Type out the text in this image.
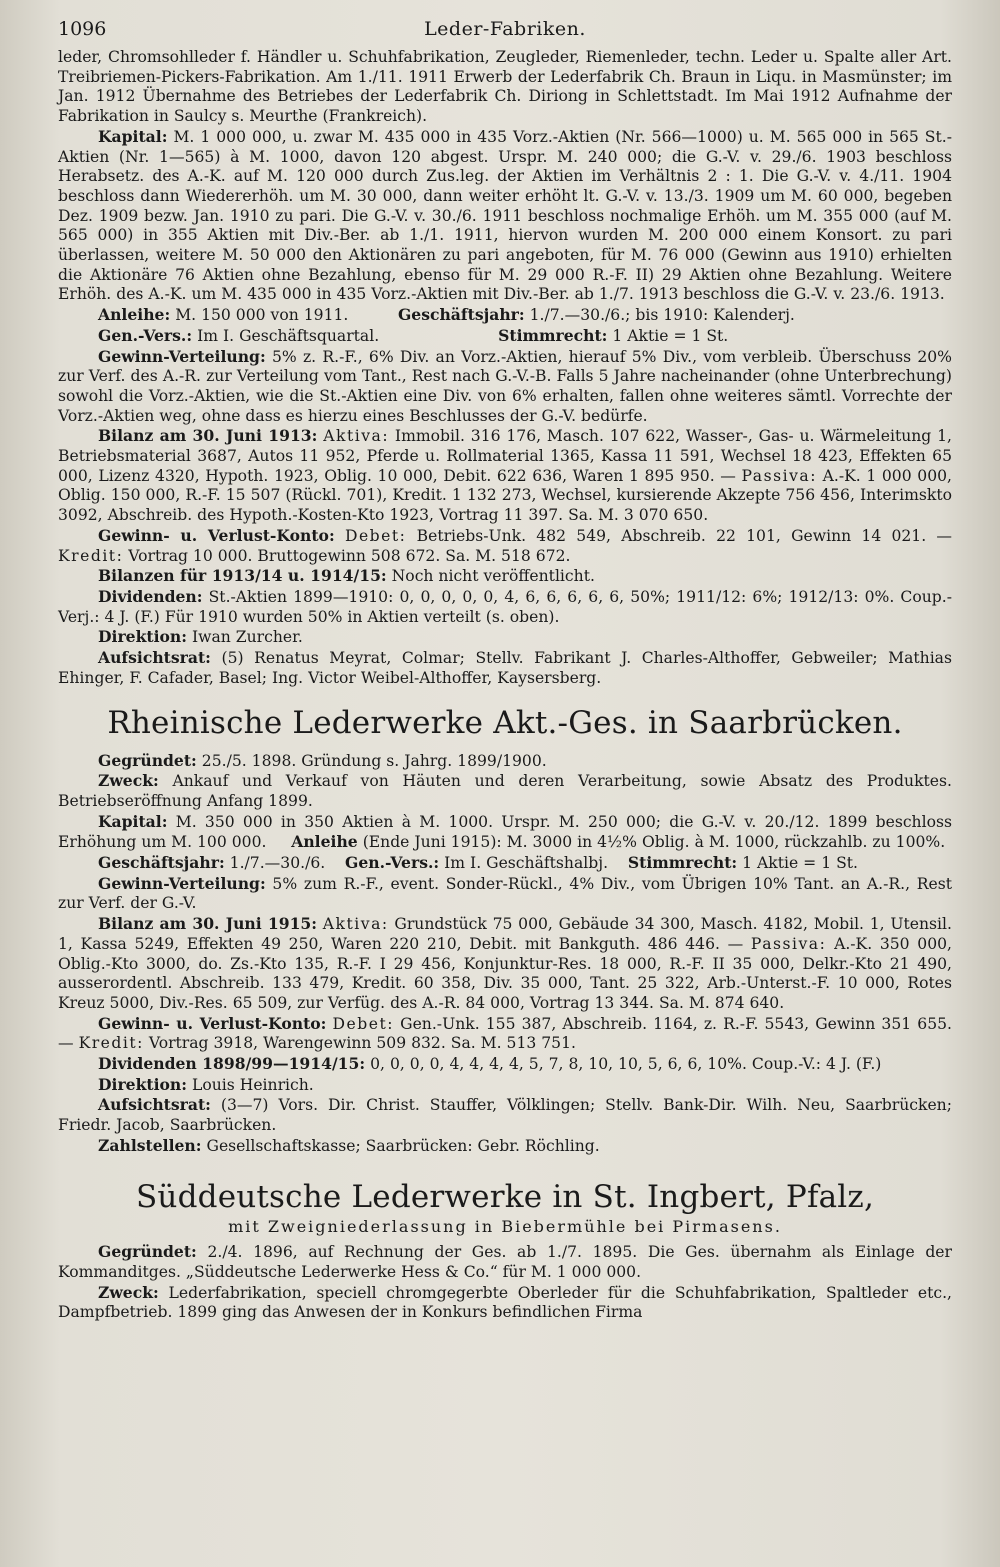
1096	Leder-Fabriken.

leder, Chromsohlleder f. Händler u. Schuhfabrikation, Zeugleder, Riemenleder, techn. Leder u. Spalte aller Art. Treibriemen-Pickers-Fabrikation. Am 1./11. 1911 Erwerb der Lederfabrik Ch. Braun in Liqu. in Masmünster; im Jan. 1912 Übernahme des Betriebes der Lederfabrik Ch. Diriong in Schlettstadt. Im Mai 1912 Aufnahme der Fabrikation in Saulcy s. Meurthe (Frankreich).

Kapital: M. 1 000 000, u. zwar M. 435 000 in 435 Vorz.-Aktien (Nr. 566—1000) u. M. 565 000 in 565 St.-Aktien (Nr. 1—565) à M. 1000, davon 120 abgest. Urspr. M. 240 000; die G.-V. v. 29./6. 1903 beschloss Herabsetz. des A.-K. auf M. 120 000 durch Zus.leg. der Aktien im Verhältnis 2 : 1. Die G.-V. v. 4./11. 1904 beschloss dann Wiedererhöh. um M. 30 000, dann weiter erhöht lt. G.-V. v. 13./3. 1909 um M. 60 000, begeben Dez. 1909 bezw. Jan. 1910 zu pari. Die G.-V. v. 30./6. 1911 beschloss nochmalige Erhöh. um M. 355 000 (auf M. 565 000) in 355 Aktien mit Div.-Ber. ab 1./1. 1911, hiervon wurden M. 200 000 einem Konsort. zu pari überlassen, weitere M. 50 000 den Aktionären zu pari angeboten, für M. 76 000 (Gewinn aus 1910) erhielten die Aktionäre 76 Aktien ohne Bezahlung, ebenso für M. 29 000 R.-F. II) 29 Aktien ohne Bezahlung. Weitere Erhöh. des A.-K. um M. 435 000 in 435 Vorz.-Aktien mit Div.-Ber. ab 1./7. 1913 beschloss die G.-V. v. 23./6. 1913.

Anleihe: M. 150 000 von 1911.	Geschäftsjahr: 1./7.—30./6.; bis 1910: Kalenderj.

Gen.-Vers.: Im I. Geschäftsquartal.	Stimmrecht: 1 Aktie = 1 St.

Gewinn-Verteilung: 5% z. R.-F., 6% Div. an Vorz.-Aktien, hierauf 5% Div., vom verbleib. Überschuss 20% zur Verf. des A.-R. zur Verteilung vom Tant., Rest nach G.-V.-B. Falls 5 Jahre nacheinander (ohne Unterbrechung) sowohl die Vorz.-Aktien, wie die St.-Aktien eine Div. von 6% erhalten, fallen ohne weiteres sämtl. Vorrechte der Vorz.-Aktien weg, ohne dass es hierzu eines Beschlusses der G.-V. bedürfe.

Bilanz am 30. Juni 1913: Aktiva: Immobil. 316 176, Masch. 107 622, Wasser-, Gas- u. Wärmeleitung 1, Betriebsmaterial 3687, Autos 11 952, Pferde u. Rollmaterial 1365, Kassa 11 591, Wechsel 18 423, Effekten 65 000, Lizenz 4320, Hypoth. 1923, Oblig. 10 000, Debit. 622 636, Waren 1 895 950. — Passiva: A.-K. 1 000 000, Oblig. 150 000, R.-F. 15 507 (Rückl. 701), Kredit. 1 132 273, Wechsel, kursierende Akzepte 756 456, Interimskto 3092, Abschreib. des Hypoth.-Kosten-Kto 1923, Vortrag 11 397. Sa. M. 3 070 650.

Gewinn- u. Verlust-Konto: Debet: Betriebs-Unk. 482 549, Abschreib. 22 101, Gewinn 14 021. — Kredit: Vortrag 10 000. Bruttogewinn 508 672. Sa. M. 518 672.

Bilanzen für 1913/14 u. 1914/15: Noch nicht veröffentlicht.

Dividenden: St.-Aktien 1899—1910: 0, 0, 0, 0, 0, 4, 6, 6, 6, 6, 6, 50%; 1911/12: 6%; 1912/13: 0%. Coup.-Verj.: 4 J. (F.) Für 1910 wurden 50% in Aktien verteilt (s. oben).

Direktion: Iwan Zurcher.

Aufsichtsrat: (5) Renatus Meyrat, Colmar; Stellv. Fabrikant J. Charles-Althoffer, Gebweiler; Mathias Ehinger, F. Cafader, Basel; Ing. Victor Weibel-Althoffer, Kaysersberg.

Rheinische Lederwerke Akt.-Ges. in Saarbrücken.

Gegründet: 25./5. 1898. Gründung s. Jahrg. 1899/1900.

Zweck: Ankauf und Verkauf von Häuten und deren Verarbeitung, sowie Absatz des Produktes. Betriebseröffnung Anfang 1899.

Kapital: M. 350 000 in 350 Aktien à M. 1000. Urspr. M. 250 000; die G.-V. v. 20./12. 1899 beschloss Erhöhung um M. 100 000. Anleihe (Ende Juni 1915): M. 3000 in 4½% Oblig. à M. 1000, rückzahlb. zu 100%.

Geschäftsjahr: 1./7.—30./6. Gen.-Vers.: Im I. Geschäftshalbj. Stimmrecht: 1 Aktie = 1 St.

Gewinn-Verteilung: 5% zum R.-F., event. Sonder-Rückl., 4% Div., vom Übrigen 10% Tant. an A.-R., Rest zur Verf. der G.-V.

Bilanz am 30. Juni 1915: Aktiva: Grundstück 75 000, Gebäude 34 300, Masch. 4182, Mobil. 1, Utensil. 1, Kassa 5249, Effekten 49 250, Waren 220 210, Debit. mit Bankguth. 486 446. — Passiva: A.-K. 350 000, Oblig.-Kto 3000, do. Zs.-Kto 135, R.-F. I 29 456, Konjunktur-Res. 18 000, R.-F. II 35 000, Delkr.-Kto 21 490, ausserordentl. Abschreib. 133 479, Kredit. 60 358, Div. 35 000, Tant. 25 322, Arb.-Unterst.-F. 10 000, Rotes Kreuz 5000, Div.-Res. 65 509, zur Verfüg. des A.-R. 84 000, Vortrag 13 344. Sa. M. 874 640.

Gewinn- u. Verlust-Konto: Debet: Gen.-Unk. 155 387, Abschreib. 1164, z. R.-F. 5543, Gewinn 351 655. — Kredit: Vortrag 3918, Warengewinn 509 832. Sa. M. 513 751.

Dividenden 1898/99—1914/15: 0, 0, 0, 0, 4, 4, 4, 4, 5, 7, 8, 10, 10, 5, 6, 6, 10%. Coup.-V.: 4 J. (F.)

Direktion: Louis Heinrich.

Aufsichtsrat: (3—7) Vors. Dir. Christ. Stauffer, Völklingen; Stellv. Bank-Dir. Wilh. Neu, Saarbrücken; Friedr. Jacob, Saarbrücken.

Zahlstellen: Gesellschaftskasse; Saarbrücken: Gebr. Röchling.

Süddeutsche Lederwerke in St. Ingbert, Pfalz,
mit Zweigniederlassung in Biebermühle bei Pirmasens.

Gegründet: 2./4. 1896, auf Rechnung der Ges. ab 1./7. 1895. Die Ges. übernahm als Einlage der Kommanditges. „Süddeutsche Lederwerke Hess & Co.“ für M. 1 000 000.

Zweck: Lederfabrikation, speciell chromgegerbte Oberleder für die Schuhfabrikation, Spaltleder etc., Dampfbetrieb. 1899 ging das Anwesen der in Konkurs befindlichen Firma
